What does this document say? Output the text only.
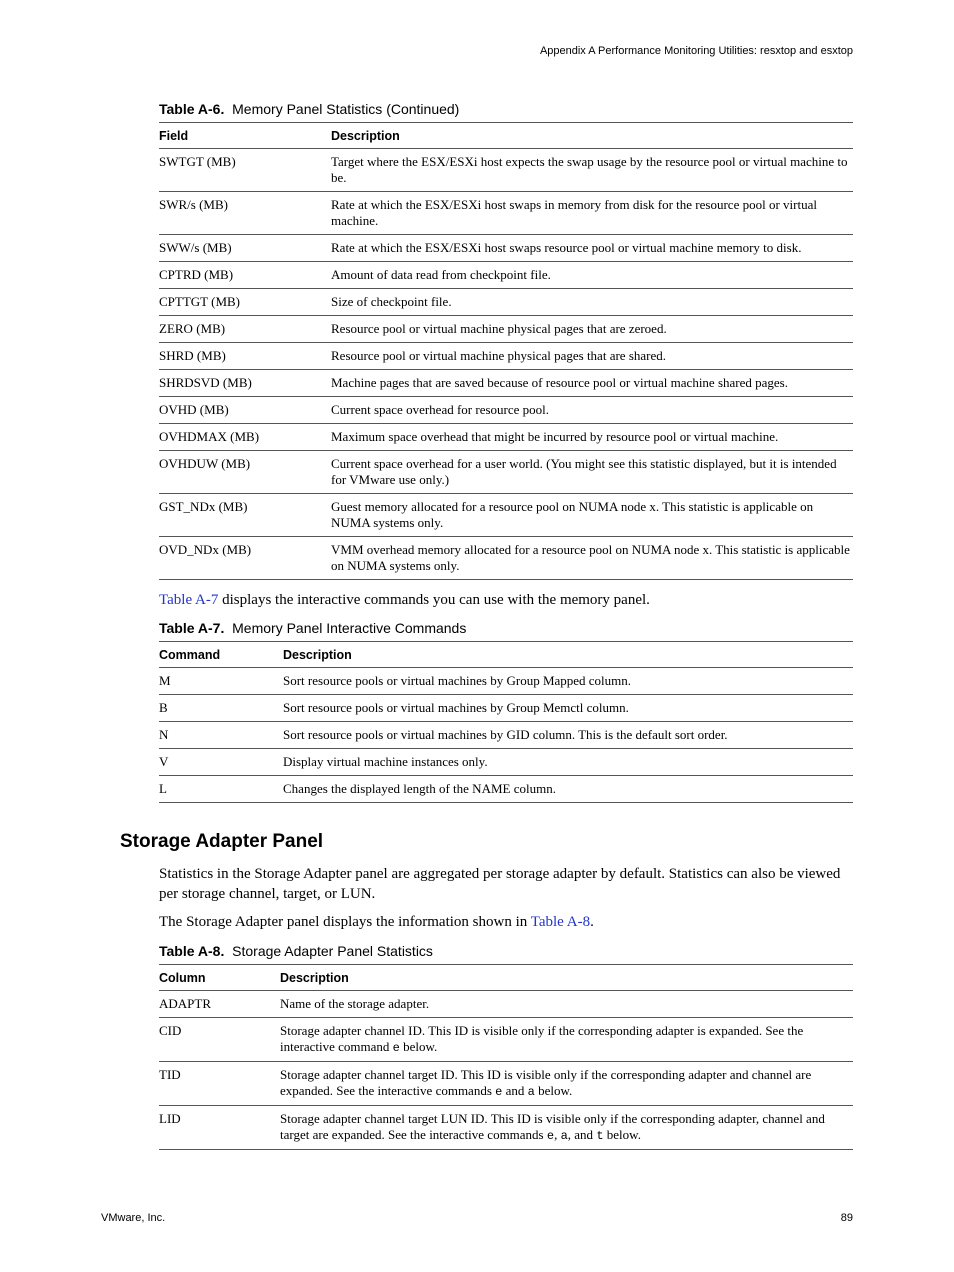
Appendix A Performance Monitoring Utilities: resxtop and esxtop
Table A-6. Memory Panel Statistics (Continued)
Field	Description
SWTGT (MB)	Target where the ESX/ESXi host expects the swap usage by the resource pool or virtual machine to be.
SWR/s (MB)	Rate at which the ESX/ESXi host swaps in memory from disk for the resource pool or virtual machine.
SWW/s (MB)	Rate at which the ESX/ESXi host swaps resource pool or virtual machine memory to disk.
CPTRD (MB)	Amount of data read from checkpoint file.
CPTTGT (MB)	Size of checkpoint file.
ZERO (MB)	Resource pool or virtual machine physical pages that are zeroed.
SHRD (MB)	Resource pool or virtual machine physical pages that are shared.
SHRDSVD (MB)	Machine pages that are saved because of resource pool or virtual machine shared pages.
OVHD (MB)	Current space overhead for resource pool.
OVHDMAX (MB)	Maximum space overhead that might be incurred by resource pool or virtual machine.
OVHDUW (MB)	Current space overhead for a user world. (You might see this statistic displayed, but it is intended for VMware use only.)
GST_NDx (MB)	Guest memory allocated for a resource pool on NUMA node x. This statistic is applicable on NUMA systems only.
OVD_NDx (MB)	VMM overhead memory allocated for a resource pool on NUMA node x. This statistic is applicable on NUMA systems only.
Table A-7 displays the interactive commands you can use with the memory panel.
Table A-7. Memory Panel Interactive Commands
Command	Description
M	Sort resource pools or virtual machines by Group Mapped column.
B	Sort resource pools or virtual machines by Group Memctl column.
N	Sort resource pools or virtual machines by GID column. This is the default sort order.
V	Display virtual machine instances only.
L	Changes the displayed length of the NAME column.
Storage Adapter Panel
Statistics in the Storage Adapter panel are aggregated per storage adapter by default. Statistics can also be viewed per storage channel, target, or LUN.
The Storage Adapter panel displays the information shown in Table A-8.
Table A-8. Storage Adapter Panel Statistics
Column	Description
ADAPTR	Name of the storage adapter.
CID	Storage adapter channel ID. This ID is visible only if the corresponding adapter is expanded. See the interactive command e below.
TID	Storage adapter channel target ID. This ID is visible only if the corresponding adapter and channel are expanded. See the interactive commands e and a below.
LID	Storage adapter channel target LUN ID. This ID is visible only if the corresponding adapter, channel and target are expanded. See the interactive commands e, a, and t below.
VMware, Inc.	89
